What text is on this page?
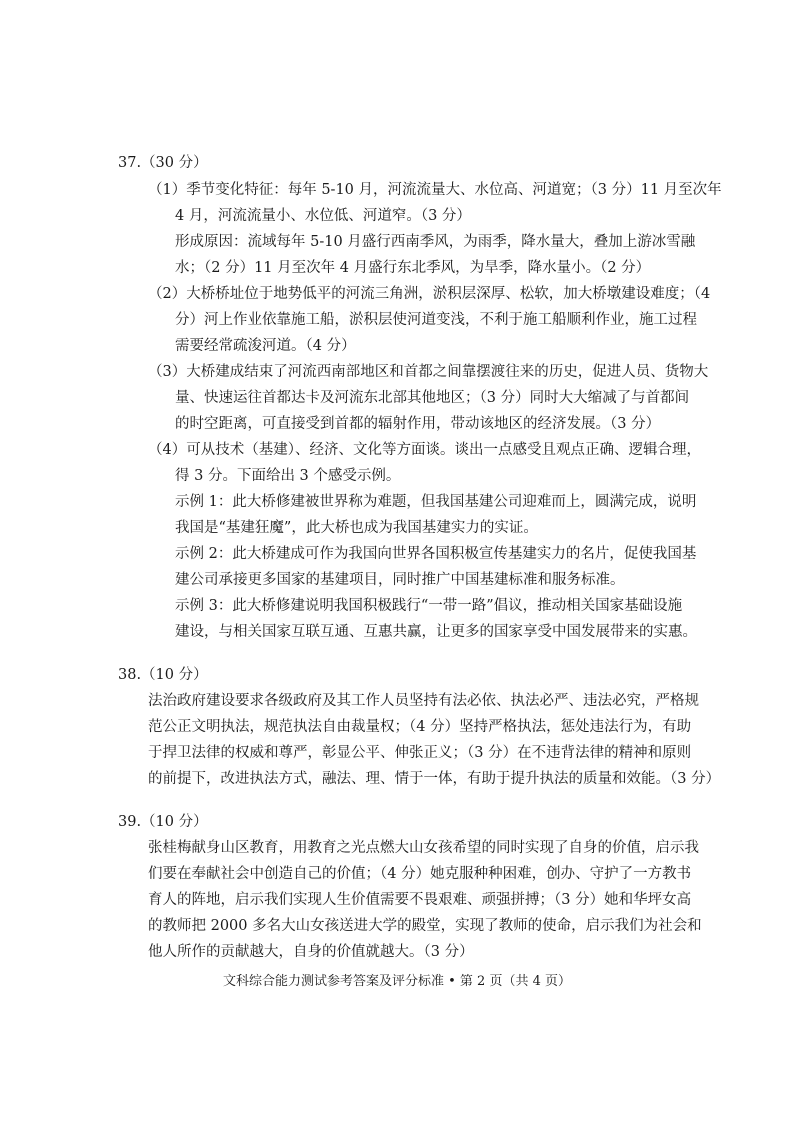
37.（30 分）
（1）季节变化特征：每年 5-10 月，河流流量大、水位高、河道宽；（3 分）11 月至次年
4 月，河流流量小、水位低、河道窄。（3 分）
形成原因：流域每年 5-10 月盛行西南季风，为雨季，降水量大，叠加上游冰雪融
水；（2 分）11 月至次年 4 月盛行东北季风，为旱季，降水量小。（2 分）
（2）大桥桥址位于地势低平的河流三角洲，淤积层深厚、松软，加大桥墩建设难度；（4
分）河上作业依靠施工船，淤积层使河道变浅，不利于施工船顺利作业，施工过程
需要经常疏浚河道。（4 分）
（3）大桥建成结束了河流西南部地区和首都之间靠摆渡往来的历史，促进人员、货物大
量、快速运往首都达卡及河流东北部其他地区；（3 分）同时大大缩减了与首都间
的时空距离，可直接受到首都的辐射作用，带动该地区的经济发展。（3 分）
（4）可从技术（基建）、经济、文化等方面谈。谈出一点感受且观点正确、逻辑合理，
得 3 分。下面给出 3 个感受示例。
示例 1：此大桥修建被世界称为难题，但我国基建公司迎难而上，圆满完成，说明
我国是“基建狂魔”，此大桥也成为我国基建实力的实证。
示例 2：此大桥建成可作为我国向世界各国积极宣传基建实力的名片，促使我国基
建公司承接更多国家的基建项目，同时推广中国基建标准和服务标准。
示例 3：此大桥修建说明我国积极践行“一带一路”倡议，推动相关国家基础设施
建设，与相关国家互联互通、互惠共赢，让更多的国家享受中国发展带来的实惠。
38.（10 分）
法治政府建设要求各级政府及其工作人员坚持有法必依、执法必严、违法必究，严格规
范公正文明执法，规范执法自由裁量权；（4 分）坚持严格执法，惩处违法行为，有助
于捍卫法律的权威和尊严，彰显公平、伸张正义；（3 分）在不违背法律的精神和原则
的前提下，改进执法方式，融法、理、情于一体，有助于提升执法的质量和效能。（3 分）
39.（10 分）
张桂梅献身山区教育，用教育之光点燃大山女孩希望的同时实现了自身的价值，启示我
们要在奉献社会中创造自己的价值；（4 分）她克服种种困难，创办、守护了一方教书
育人的阵地，启示我们实现人生价值需要不畏艰难、顽强拼搏；（3 分）她和华坪女高
的教师把 2000 多名大山女孩送进大学的殿堂，实现了教师的使命，启示我们为社会和
他人所作的贡献越大，自身的价值就越大。（3 分）
文科综合能力测试参考答案及评分标准 • 第 2 页（共 4 页）
